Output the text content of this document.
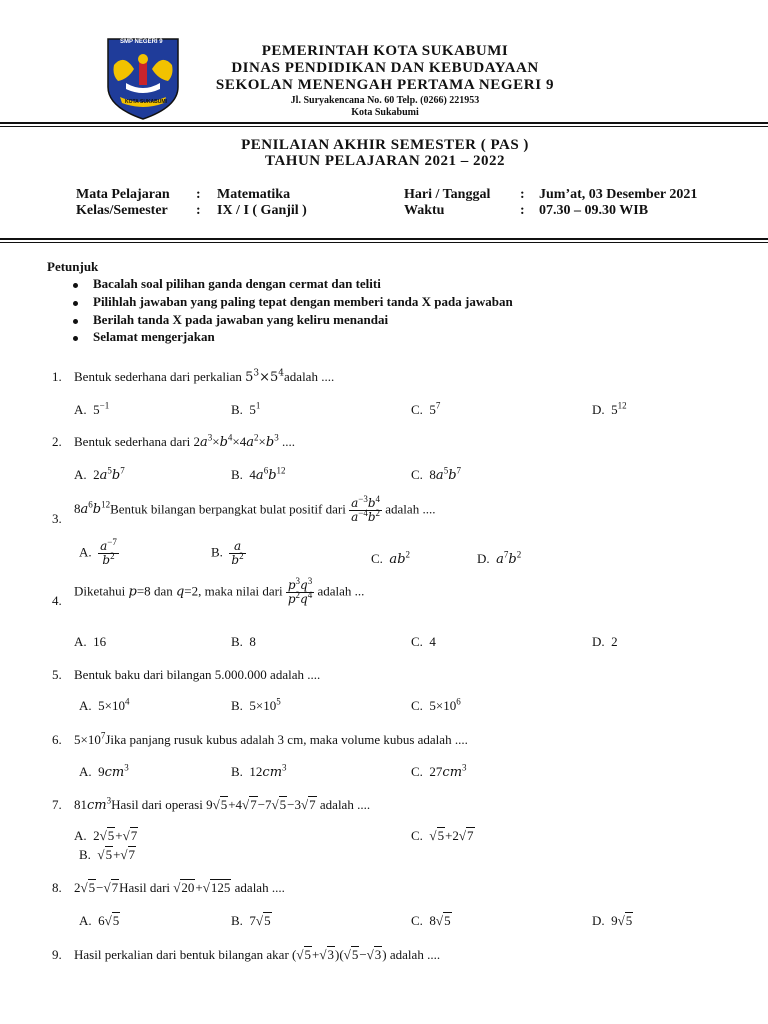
SMP NEGERI 9
KOTA SUKABUMI
PEMERINTAH KOTA SUKABUMI
DINAS PENDIDIKAN DAN KEBUDAYAAN
SEKOLAN MENENGAH PERTAMA NEGERI 9
Jl. Suryakencana No. 60 Telp. (0266) 221953
Kota Sukabumi
PENILAIAN AKHIR SEMESTER ( PAS )
TAHUN PELAJARAN 2021 – 2022
Mata Pelajaran : Matematika	Hari / Tanggal : Jum’at, 03 Desember 2021
Kelas/Semester : IX / I ( Ganjil )	Waktu	: 07.30 – 09.30 WIB
Petunjuk
Bacalah soal pilihan ganda dengan cermat dan teliti
Pilihlah jawaban yang paling tepat dengan memberi tanda X pada jawaban
Berilah tanda X pada jawaban yang keliru menandai
Selamat mengerjakan
1. Bentuk sederhana dari perkalian $5^3\times 5^4adalah$ ....
A.  $5^{-1}$	B.  $5^1$	C.  $5^7$	D.  $5^{12}$
2. Bentuk sederhana dari $2a^3\times b^4\times 4a^2\times b^3$ ....
A.  $2a^5b^7$	B.  $4a^6b^{12}$	C.  $8a^5b^7$
3.
$8a^6b^{12}Bentuk$ bilangan berpangkat bulat positif dari $\frac{a^{-3}b^4}{a^{-4}b^2}$ adalah ....
A. $\frac{a^{-7}}{b^2}$	B. $\frac{a}{b^2}$	C. $ab^2$	D. $a^7b^2$
4.
Diketahui p=8 dan q=2, maka nilai dari $\frac{p^3q^3}{p^2q^4}$ adalah ...
A. 16	B. 8	C. 4	D. 2
5. Bentuk baku dari bilangan 5.000.000 adalah ....
A.  $5\times 10^4$	B.  $5\times 10^5$	C.  $5\times 10^6$
6. $5\times 10^7Jika$ panjang rusuk kubus adalah 3 cm, maka volume kubus adalah ....
A. $9cm^3$	B. $12cm^3$	C. $27cm^3$
7. $81cm^3Hasil$ dari operasi 9√5+4√7−7√5−3√7 adalah ....
A.  2√5+√7	C. √5+2√7
B. √5+√7
8. 2√5−√7Hasil dari √20+√125 adalah ....
A. 6√5	B. 7√5	C. 8√5	D. 9√5
9. Hasil perkalian dari bentuk bilangan akar (√5+√3)(√5−√3) adalah ....
